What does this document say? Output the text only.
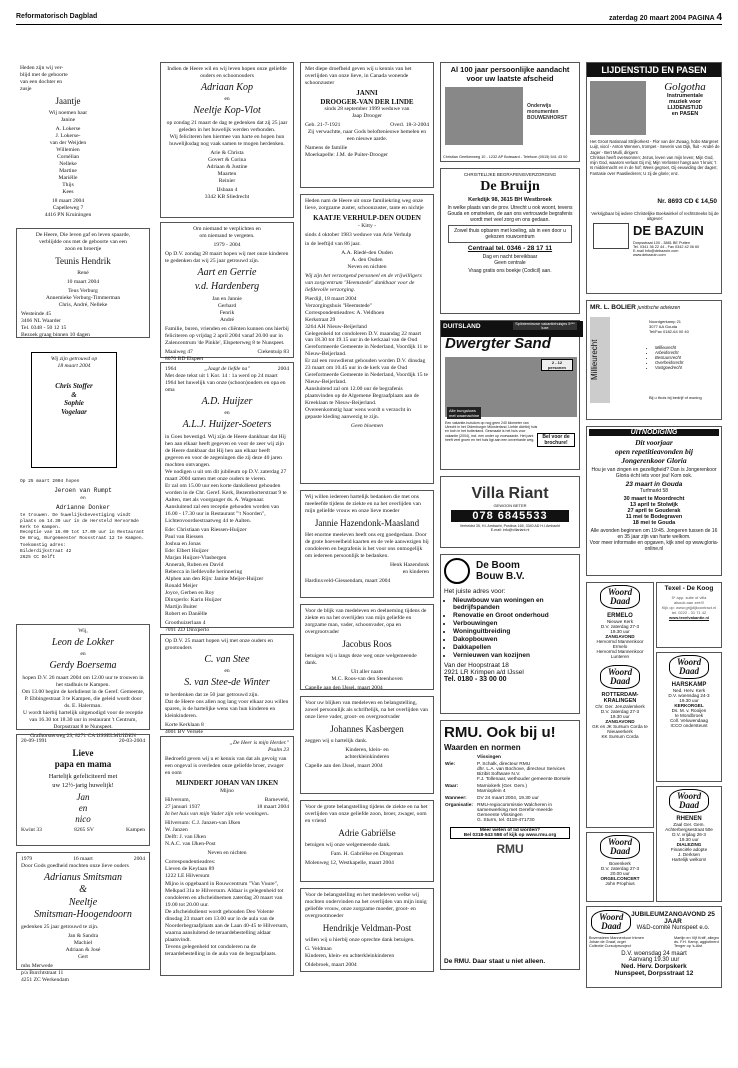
Reformatorisch Dagblad	zaterdag 20 maart 2004 PAGINA 4

Heden zijn wij ver-
blijd met de geboorte
van een dochter en
zusje

Jaantje

Wij noemen haar
Janine

A. Lokerse
J. Lokerse-
van der Weijden
Willemien
Cornélian
Nelleke
Martine
Mariëlle
Thijs
Kees

18 maart 2004
Capelleweg 7
4416 PN Kruiningen

De Heere, Die leven gaf en leven spaarde,
verblijdde ons met de geboorte van een
zoon en broertje

Teunis Hendrik

René

10 maart 2004

Teus Verburg
Annemieke Verburg-Timmerman
Chris, André, Nelleke

Westeinde 45
3466 NL Waarder
Tel. 0348 - 50 12 15
Bezoek graag binnen 10 dagen

Wij zijn getrouwd op
18 maart 2004

Chris Stoffer
&
Sophie
Vogelaar

Op 25 maart 2004 hopen

Jeroen van Rumpt

en

Adrianne Donker

te trouwen. De huwelijksbevestiging vindt plaats om 14.30 uur in de Hersteld Hervormde Kerk te Kampen.
Receptie van 16.00 tot 17.00 uur in Restaurant De Brug, Burgemeester Roosstraat 12 te Kampen.

Toekomstig adres:
Bilderdijkstraat 42
2625 CC Delft

Wij,

Leon de Lokker

en

Gerdy Boersema

hopen D.V. 26 maart 2004 om 12.00 uur te trouwen in het stadhuis te Kampen.
Om 13.00 begint de kerkdienst in de Geref. Gemeente, P. Ebbingestraat 3 te Kampen, die geleid wordt door ds. E. Halerman.
U wordt hierbij hartelijk uitgenodigd voor de receptie van 16.30 tot 18.30 uur in restaurant 't Centrum, Dorpsstraat 8 te Nunspeet.

Grafhorsterweg 29, 8271 CA IJSSELMUIDEN

20-09-1991	20-03-2004
Lieve
papa en mama

Hartelijk gefeliciteerd met
uw 12½-jarig huwelijk!

Jan
en
nico

Kwint 33	8265 SV	Kampen
1979	16 maart	2004

Door Gods goedheid mochten onze lieve ouders

Adrianus Smitsman
&
Neeltje
Smitsman-Hoogendoorn

gedenken 25 jaar getrouwd te zijn.

Jan & Sandra
Machiel
Adriaan & José
Gert

mhs Merwede
p/a Burchtstraat 11
4251 ZC Werkendam

Indien de Heere wil en wij leven hopen onze geliefde ouders en schoonouders

Adriaan Kop

en

Neeltje Kop-Vlot

op zondag 21 maart de dag te gedenken dat zij 25 jaar geleden in het huwelijk werden verbonden.
Wij feliciteren hen hiermee van harte en hopen hun huwelijksdag nog vaak samen te mogen herdenken.

Arie & Christa
Govert & Corina
Adriaan & Justine
Maarten
Reinier

IJsbaan 4
3342 KB Sliedrecht

Om niemand te verplichten en
om niemand te vergeten.

1979 - 2004

Op D.V. zondag 28 maart hopen wij met onze kinderen te gedenken dat wij 25 jaar getrouwd zijn.

Aart en Gerrie
v.d. Hardenberg

Jan en Jannie
Gerhard
Fenrik
André

Familie, buren, vrienden en cliënten kunnen ons hierbij feliciteren op vrijdag 2 april 2004 vanaf 20.00 uur in Zalencentrum 'de Pinkle', Elspeterweg 8 te Nunspeet.

Maaiweg 47
8070 BD Elspeet
Ciekentuip 83
1964	„Jaagt de liefde na"	2004

Met deze tekst uit 1 Kor. 14 : 1a werd op 24 maart 1964 het huwelijk van onze (schoon)ouders en opa en oma

A.D. Huijzer

en

A.L.J. Huijzer-Soeters

in Goes bevestigd. Wij zijn de Heere dankbaar dat Hij hen aan elkaar heeft gegeven en voor de zeer wij zijn de Heere dankbaar dat Hij hen aan elkaar heeft gegeven en voor de zegeningen die zij deze 40 jaren mochten ontvangen.
We nodigen u uit om dit jubileum op D.V. zaterdag 27 maart 2004 samen met onze ouders te vieren.
Er zal om 15.00 uur een korte dankdienst gehouden worden in de Chr. Geref. Kerk, Bezemborterstraat 9 te Aalten, met als voorganger ds. A. Wagenaar.
Aansluitend zal een receptie gehouden worden van 16.00 - 17.30 uur in Restaurant "'t Noorden", Lichtenvoordsestraatweg 44 te Aalten.

Ede: Christiaan van Riessen-Huijzer
Paul van Riessen
Joshua en Jonas
Ede: Elbert Huijzer
Marjan Huijzer-Vlasbergen
Annerah, Ruben en David
Rebecca in liefdevolle herinnering
Alphen aan den Rijn: Janine Meijer-Huijzer
Ronald Meijer
Joyce, Gerben en Roy
Dinxperlo: Karin Huijzer
Martijn Buiter
Robert en Daniëlle

Groothuizerlaan 4
7091 ZD Dinxperlo

Op D.V. 25 maart hopen wij met onze ouders en grootouders

C. van Stee

en

S. van Stee-de Winter

te herdenken dat ze 50 jaar getrouwd zijn.
Dat de Heere ons allen nog lang voor elkaar zou willen sparen, is de hartelijke wens van hun kinderen en kleinkinderen.

Korte Kerklaan 8
4001 BV Versele

„De Heer is mijn Herder."
Psalm 23

Bedroefd geven wij u er kennis van dat als gevolg van een ongeval is overleden onze geliefde broer, zwager en oom

MIJNDERT JOHAN VAN IJKEN

Mijno

Hilversum,
27 januari 1937
Barneveld,
18 maart 2004

In het huis van mijn Vader zijn vele woningen..

Hilversum: C.J. Janzen-van IJken
W. Janzen
Delft: J. van IJken
N.A.C. van IJken-Post

Neven en nichten

Correspondentieadres:
Lieven de Keylaan 89
1222 LE Hilversum

Mijno is opgebaard in Rouwcentrum "Van Vuure", Melkpad 31a te Hilversum. Aldaar is gelegenheid tot condoleren en afscheidnemen zaterdag 20 maart van 19.00 tot 20.00 uur.
De afscheidsdienst wordt gehouden Deo Volente dinsdag 23 maart om 13.00 uur in de aula van de Noorderbegraafplaats aan de Laan 40-45 te Hilversum, waarna aansluitend de teraardebestelling aldaar plaatsvindt.
Tevens gelegenheid tot condoleren na de teraardebestelling in de aula van de begraafplaats.

Met diepe droefheid geven wij u kennis van het overlijden van onze lieve, in Canada wonende schoonzuster

JANNI
DROOGER-VAN DER LINDE

sinds 28 september 1999 weduwe van
Jaap Drooger

Geb. 21-7-1921	Overl. 18-3-2004

Zij verwachtte, naar Gods beloftenieuwe hemelen en een nieuwe aarde.

Namens de familie
Moerkapelle: J.M. de Puiter-Drooger

Heden nam de Heere uit onze familiekring weg onze lieve, zorgzame zuster, schoonzuster, tante en nichtje

KAATJE VERHULP-DEN OUDEN

- Kitty -

sinds 4 oktober 1983 weduwe van Arie Verhulp

in de leeftijd van 86 jaar.

A.A. Riedé-den Ouden
A. den Ouden
Neven en nichten

Wij zijn het verzorgend personeel en de vrijwilligers van zorgcentrum "Heemstede" dankbaar voor de liefdevolle verzorging.

Pierdijl, 18 maart 2004
Verzorgingshuis "Heemstede"
Correspondentieadres: A. Veldhoen
Kerkstraat 29
3264 AH Nieuw-Beijerland
Gelegenheid tot condoleren D.V. maandag 22 maart van 18.30 tot 19.15 uur in de kerkzaal van de Oud Gereformeerde Gemeente in Nederland, Voordijk 11 te Nieuw-Beijerland.
Er zal een rouwdienst gehouden worden D.V. dinsdag 23 maart om 10.45 uur in de kerk van de Oud Gereformeerde Gemeente in Nederland, Voordijk 15 te Nieuw-Beijerland.
Aansluitend zal om 12.00 uur de begrafenis plaatsvinden op de Algemene Begraafplaats aan de Kreeklaan te Nieuw-Beijerland.
Overeenkomstig haar wens wordt u verzocht in gepaste kleding aanwezig te zijn.

Geen bloemen

Wij willen iedereen hartelijk bedanken die met ons meeleefde tijdens de ziekte en na het overlijden van mijn geliefde vrouw en onze lieve moeder

Jannie Hazendonk-Maasland

Het enorme meeleven heeft ons erg goedgedaan. Door de grote hoeveelheid kaarten en de vele aanwezigen bij condoleren en begrafenis is het voor ons onmogelijk om iedereen persoonlijk te bedanken.

Henk Hazendonk
en kinderen

Hardinxveld-Giessendam, maart 2004

Voor de blijk van medeleven en deelneming tijdens de ziekte en na het overlijden van mijn geliefde en zorgzame man, vader, schoonvader, opa en overgrootvader

Jacobus Roos

betuigen wij u langs deze weg onze welgemeende dank.

Uit aller naam
M.C. Roos-van den Steenhoven

Capelle aan den IJssel, maart 2004

Voor uw blijken van medeleven en belangstelling, zowel persoonlijk als schriftelijk, na het overlijden van onze lieve vader, groot- en overgrootvader

Johannes Kasbergen

zeggen wij u hartelijk dank.

Kinderen, klein- en
achterkleinkinderen

Capelle aan den IJssel, maart 2004

Voor de grote belangstelling tijdens de ziekte en na het overlijden van onze geliefde zoon, broer, zwager, oom en vriend

Adrie Gabriëlse

betuigen wij onze welgemeende dank.

Fam. H. Gabriëlse en Dingeman

Molenweg 12, Westkapelle, maart 2004

Voor de belangstelling en het medeleven welke wij mochten ondervinden na het overlijden van mijn innig geliefde vrouw, onze zorgzame moeder, groot- en overgrootmoeder

Hendrikje Veldman-Post

willen wij u hierbij onze oprechte dank betuigen.

G. Veldman
Kinderen, klein- en achterkleinkinderen

Oldebroek, maart 2004

Al 100 jaar persoonlijke aandacht
voor uw laatste afscheid
Onderwijs
monumenten
BOUWENHORST
Christian Geelkenweg 10 - 1232 AP Bolsward - Telefoon (0515) 541 43 00
CHRISTELIJKE BEGRAFENISVERZORGING
De Bruijn
Kerkdijk 98, 3615 BH Westbroek
In welke plaats van de prov. Utrecht u ook woont, tevens Gouda en omstreken, de aan ons vertrouwde begrafenis wordt met veel zorg en ons gedaan.
Zowel thuis opbaren met koeling, als in een door u gekozen rouwcentrum
Centraal tel. 0346 - 28 17 11
Dag en nacht bereikbaar
Geen centrale
Vraag gratis ons boekje (Codicil) aan.
DUITSLAND	Splinternieuwe vakantiehuisjes 5*** luxe
Dwergter Sand
2 - 12
personen
Alle bungalows
met waamachine
Een vakantie-huisdom op nog geen 240 kilometer van Utrecht in het Oldenburger Münsterland, Liefde dichtbij huis en toch in het buitenland. Gesmaakt is het huis voor vakantie (2004), incl. een onder op voorwaarde. Het park heeft veel groen en het huis ligt aan een onverharde weg.	Bel voor de
brochure!
Villa Riant
GEWOON BETER
078 6845533
Verheldst 35, H.I.Ambacht, Postbus 165, 3340 AD H.I.Ambacht
E-mail: info@villariant.nl
De Boom
Bouw B.V.
Het juiste adres voor:
• Nieuwbouw van woningen en bedrijfspanden
• Renovatie en Groot onderhoud
• Verbouwingen
• Woninguitbreiding
• Dakopbouwen
• Dakkapellen
• Vernieuwen van kozijnen
Van der Hoopstraat 18
2921 LR Krimpen a/d IJssel
Tel. 0180 - 33 00 00
RMU. Ook bij u!
Waarden en normen
	Vlissingen
Wie:	P. Schalk, directeur RMU
dhr. L.A. van Bochove, directeur Services Bizibit Software N.V.
F.J. Tollenaar, wethouder gemeente Borsele
Waar:	Marnixkerk (Ger. Gem.)
Marnixplein 4
Wanneer:	DV 24 maart 2004, 19.30 uur
Organisatie:	RMU-regiocommissie Walcheren in samenwerking met Gerefor-meerde Gemeente Vlissingen
G. Sturm, tel. 0118-471730
Meer weten of lid worden?
Bel 0318-543 558 of kijk op www.rmu.org
RMU
De RMU. Daar staat u niet alleen.
LIJDENSTIJD EN PASEN
Golgotha
Instrumentale
muziek voor
LIJDENSTIJD
en PASEN
Het Groot Nationaal Strijkorkest - Flor van der Zwaag, hobo Margreet Luijt, viool - Anton Wennen, trompet - Severin van Dijk, fluit - André de Jager - Bert Mulli, dirigent
Christus heeft overwonnen; Jezus, leven van mijn leven; Mijn God, mijn God, waarom verlaat Gij mij; Mijn Verlosser hangt aan 't kruis; 't Is middernacht en in de hof; Wees gegroet, Gij eeuwiding der dagen; Fantasie over Paasliederen; U zij de glorie; enz.
Nr. 8693 CD € 14,50
Verkrijgbaar bij iedere Christelijke Boekwinkel of rechtstreeks bij de uitgever:
DE BAZUIN
Dorpsstraat 100 - 3881 BE Putten
Tel. 0341 36 22 44 - Fax 0342 42 06 60
E-mail info@debazuin.com
www.debazuin.com
MR. L. BOLIER juridische adviezen
Millieurecht
Noordgerkamp 21
3077 AA Gouda
Tel/Fax 0182-64 00 40
• Millieurecht
• Arbeidsrecht
• Bestuursrecht
• Overheidsrecht
• Vastgoedrecht
Bij u thuis bij bedrijf of woning
UITNODIGING
Dit voorjaar
open repetitieavonden bij
Jongerenkoor Gloria
Hou je van zingen en gezelligheid? Dan is Jongerenkoor Gloria écht iets voor jou! Kom ook.
23 maart in Gouda
Turfmarkt 58
30 maart te Moordrecht
13 april te Stolwijk
27 april te Gouderak
11 mei te Bodegraven
18 mei te Gouda
Alle avonden beginnen om 19:45. Jongeren tussen de 16 en 35 jaar zijn van harte welkom.
Voor meer informatie en opgaven, kijk snel op www.gloria-online.nl
Woord
Daad
ERMELO
Nieuwe Kerk
D.V. zaterdag 27-3
19.30 uur
ZANGAVOND
Hervormd Mannenkoor Ermelo
Hervormd Mannenkoor
Lunteren
Woord
Daad
ROTTERDAM-
KRALINGEN
Chr. Ger. Jeruzalemkerk
D.V. zaterdag 27-3
19.30 uur
ZANGAVOND
GK en JK Sursum Corda te
Nieuwerkerk
KK Sursum Corda
Texel - De Koog
5* app. suite of villa
alsook aan zee!!!
Kijk op: www.grijjdijkcontract.nl
tel. 0222 - 31 71 42
www.texelvakantie.nl
Woord
Daad
HARSKAMP
Ned. Herv. Kerk
D.V. woensdag 24-3
19.30 uur
KERKORGEL
Ds. M. v. Rooijen
te Mondbroek
Coll. Veluwendaag
ICCO ondersteunt
Woord
Daad
Bovenkerk
D.V. zaterdag 27-3
20.00 uur
ORGELCONCERT
John Prophius
Woord
Daad
RHENEN
Zaal Ger. Gem.
Achterbergsestraat 50e
D.V. vrijdag 26-3
19.30 uur
DIALEZING
Financiële adopte
J. Derksen
Hartelijk welkom!
Woord
Daad
JUBILEUMZANGAVOND 25 JAAR
W&D-comité Nunspeet e.o.
Bovensteen Mannenkoor Irkmen
Johan de Graaf, orgel
Collectie Cursuiprsvoject
Martijn en Vijf Kniff, allegro
ds. F.H. Kamp, agglutinerd
Tenger op 's-Alst
D.V. woensdag 24 maart
Aanvang 19.30 uur
Ned. Herv. Dorpskerk
Nunspeet, Dorpsstraat 12
